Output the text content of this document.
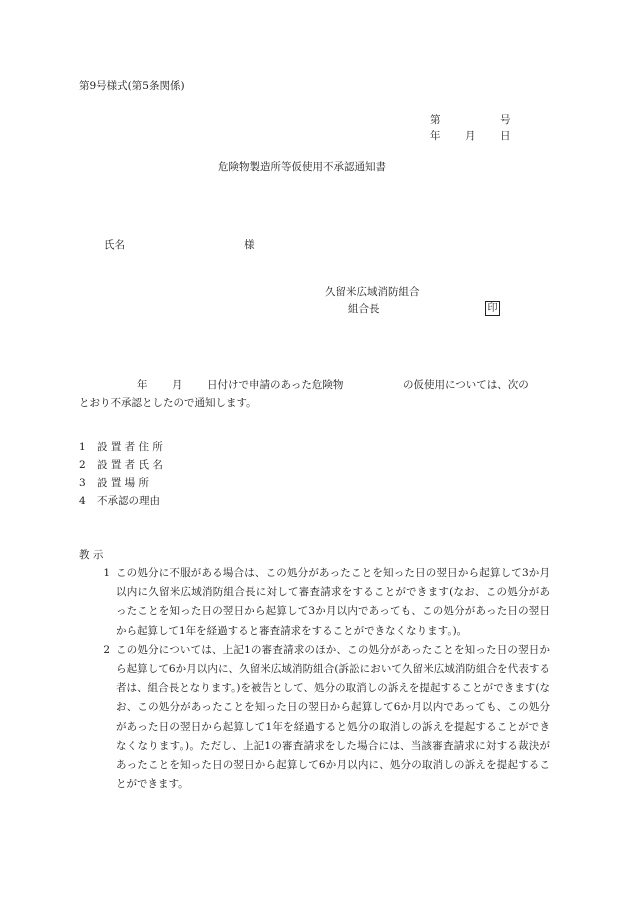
第9号様式(第5条関係)
第	号
年 月 日
危険物製造所等仮使用不承認通知書
氏名	様
久留米広域消防組合
組合長	印
年 月 日付けで申請のあった危険物	の仮使用については、次の
とおり不承認としたので通知します。
1 設 置 者 住 所
2 設 置 者 氏 名
3 設 置 場 所
4 不承認の理由
教 示
1 この処分に不服がある場合は、この処分があったことを知った日の翌日から起算して3か月以内に久留米広域消防組合長に対して審査請求をすることができます(なお、この処分があったことを知った日の翌日から起算して3か月以内であっても、この処分があった日の翌日から起算して1年を経過すると審査請求をすることができなくなります。)。
2 この処分については、上記1の審査請求のほか、この処分があったことを知った日の翌日から起算して6か月以内に、久留米広域消防組合(訴訟において久留米広域消防組合を代表する者は、組合長となります。)を被告として、処分の取消しの訴えを提起することができます(なお、この処分があったことを知った日の翌日から起算して6か月以内であっても、この処分があった日の翌日から起算して1年を経過すると処分の取消しの訴えを提起することができなくなります。)。ただし、上記1の審査請求をした場合には、当該審査請求に対する裁決があったことを知った日の翌日から起算して6か月以内に、処分の取消しの訴えを提起することができます。
